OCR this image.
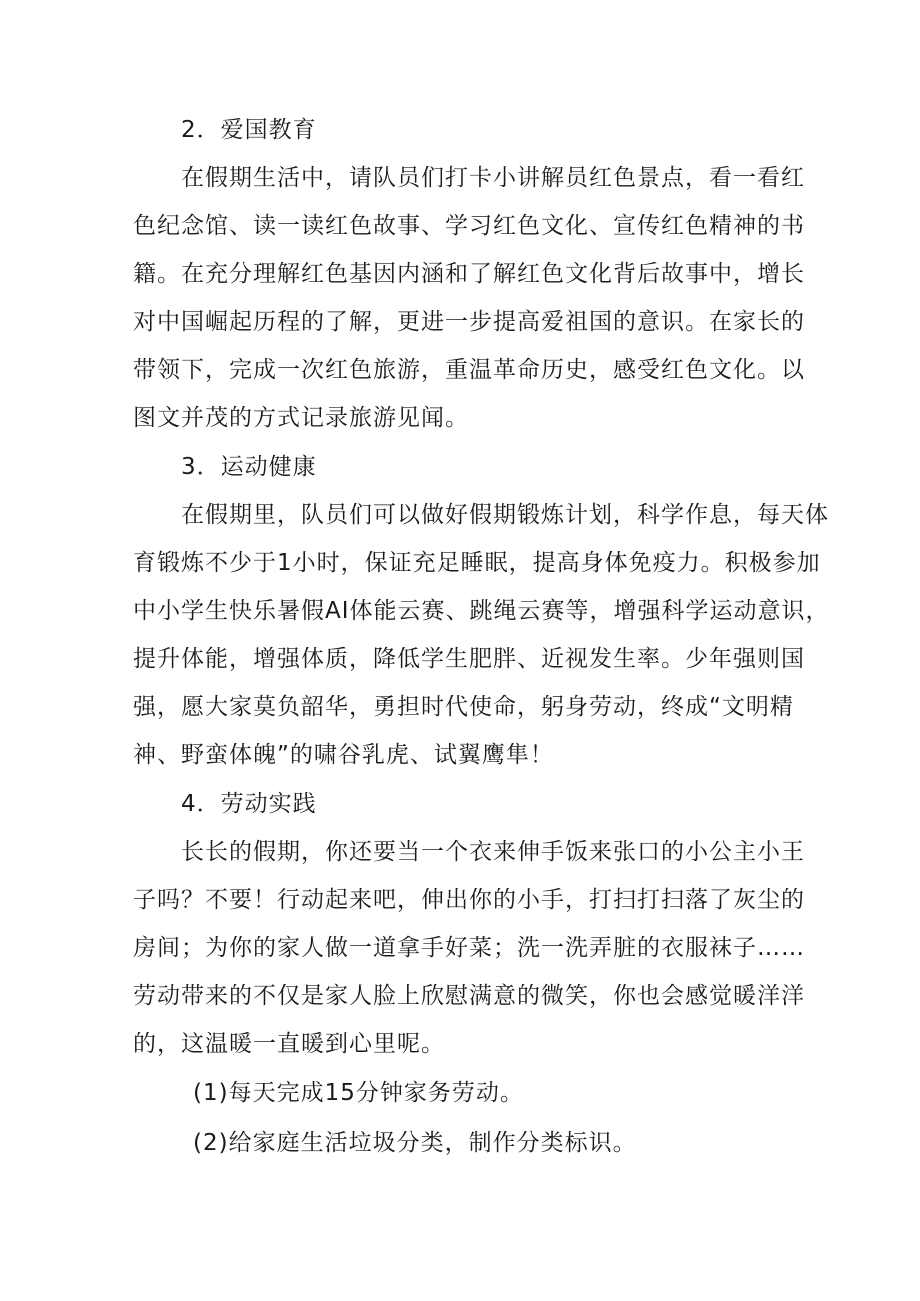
2．爱国教育
在假期生活中，请队员们打卡小讲解员红色景点，看一看红
色纪念馆、读一读红色故事、学习红色文化、宣传红色精神的书
籍。在充分理解红色基因内涵和了解红色文化背后故事中，增长
对中国崛起历程的了解，更进一步提高爱祖国的意识。在家长的
带领下，完成一次红色旅游，重温革命历史，感受红色文化。以
图文并茂的方式记录旅游见闻。
3．运动健康
在假期里，队员们可以做好假期锻炼计划，科学作息，每天体
育锻炼不少于1小时，保证充足睡眠，提高身体免疫力。积极参加
中小学生快乐暑假AI体能云赛、跳绳云赛等，增强科学运动意识，
提升体能，增强体质，降低学生肥胖、近视发生率。少年强则国
强，愿大家莫负韶华，勇担时代使命，躬身劳动，终成“文明精
神、野蛮体魄”的啸谷乳虎、试翼鹰隼！
4．劳动实践
长长的假期，你还要当一个衣来伸手饭来张口的小公主小王
子吗？不要！行动起来吧，伸出你的小手，打扫打扫落了灰尘的
房间；为你的家人做一道拿手好菜；洗一洗弄脏的衣服袜子……
劳动带来的不仅是家人脸上欣慰满意的微笑，你也会感觉暖洋洋
的，这温暖一直暖到心里呢。
(1)每天完成15分钟家务劳动。
(2)给家庭生活垃圾分类，制作分类标识。
